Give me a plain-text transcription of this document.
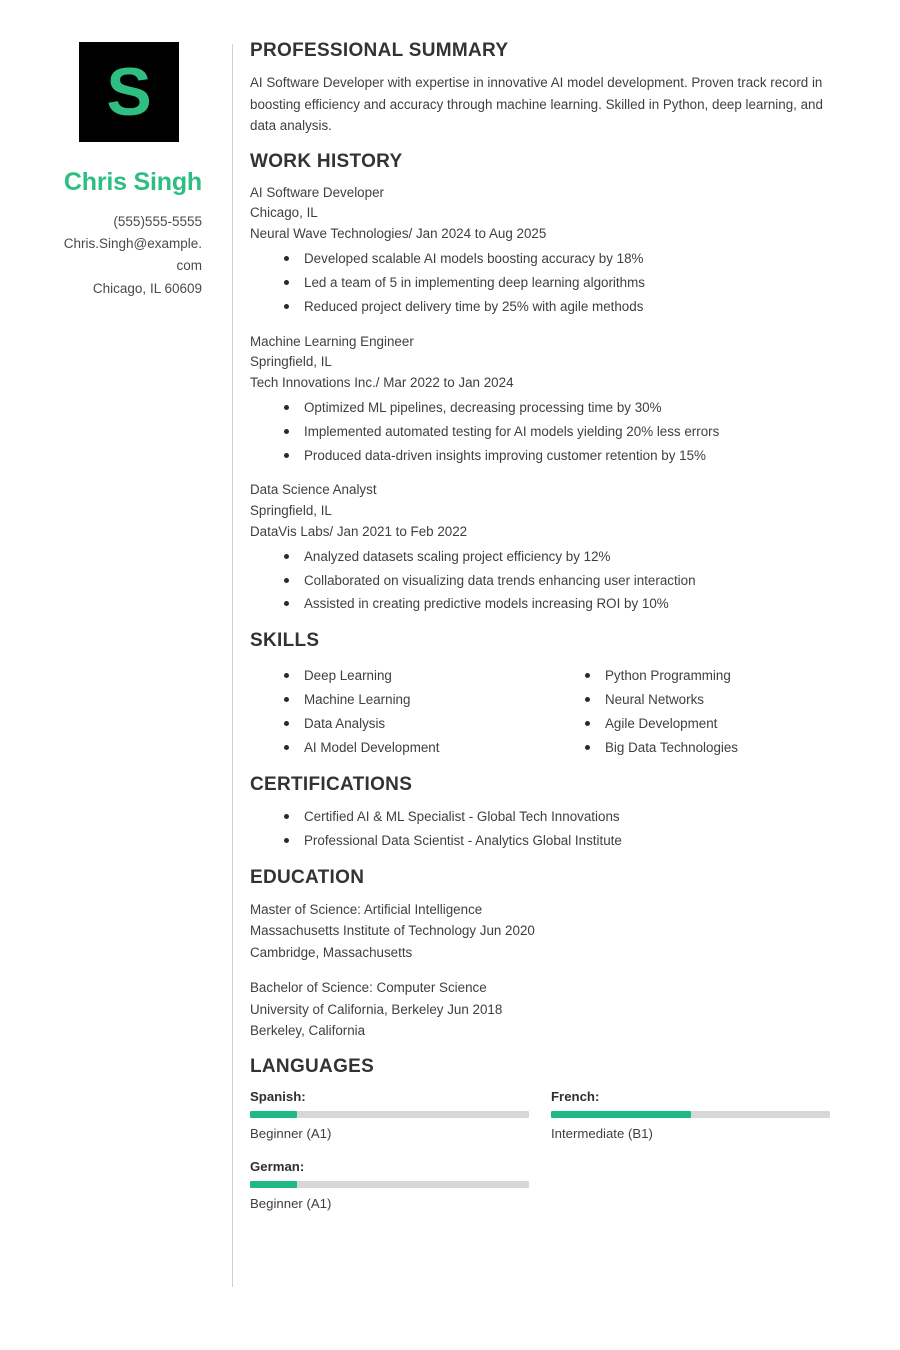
S
Chris Singh
(555)555-5555
Chris.Singh@example.
com
Chicago, IL 60609
PROFESSIONAL SUMMARY

AI Software Developer with expertise in innovative AI model development. Proven track record in boosting efficiency and accuracy through machine learning. Skilled in Python, deep learning, and data analysis.

WORK HISTORY
AI Software Developer
Chicago, IL
Neural Wave Technologies/ Jan 2024 to Aug 2025
Developed scalable AI models boosting accuracy by 18%
Led a team of 5 in implementing deep learning algorithms
Reduced project delivery time by 25% with agile methods
Machine Learning Engineer
Springfield, IL
Tech Innovations Inc./ Mar 2022 to Jan 2024
Optimized ML pipelines, decreasing processing time by 30%
Implemented automated testing for AI models yielding 20% less errors
Produced data-driven insights improving customer retention by 15%
Data Science Analyst
Springfield, IL
DataVis Labs/ Jan 2021 to Feb 2022
Analyzed datasets scaling project efficiency by 12%
Collaborated on visualizing data trends enhancing user interaction
Assisted in creating predictive models increasing ROI by 10%
SKILLS
Deep Learning
Machine Learning
Data Analysis
AI Model Development
Python Programming
Neural Networks
Agile Development
Big Data Technologies
CERTIFICATIONS
Certified AI & ML Specialist - Global Tech Innovations
Professional Data Scientist - Analytics Global Institute
EDUCATION
Master of Science: Artificial Intelligence
Massachusetts Institute of Technology Jun 2020
Cambridge, Massachusetts
Bachelor of Science: Computer Science
University of California, Berkeley Jun 2018
Berkeley, California
LANGUAGES
Spanish:
Beginner (A1)
French:
Intermediate (B1)
German:
Beginner (A1)
